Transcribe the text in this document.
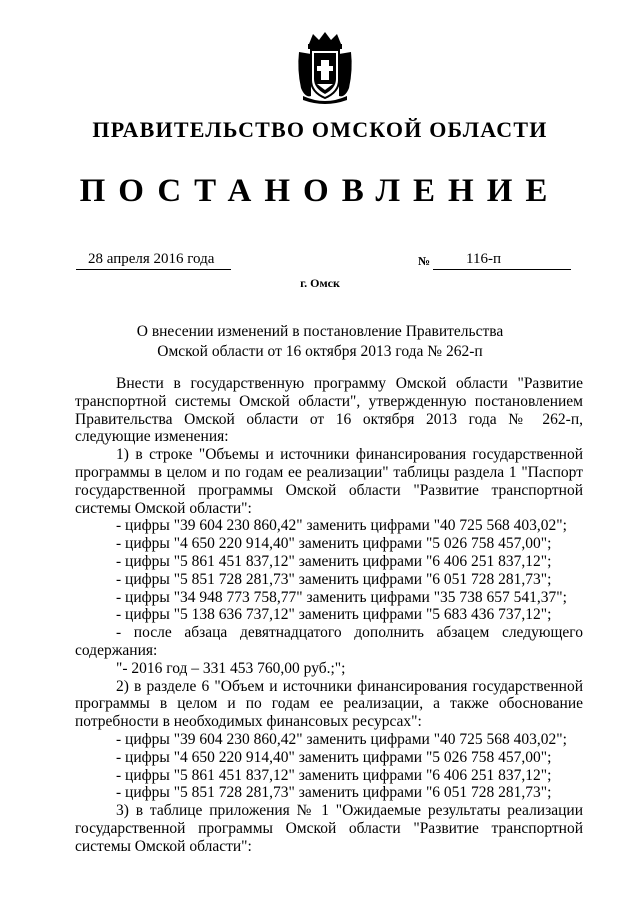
ПРАВИТЕЛЬСТВО ОМСКОЙ ОБЛАСТИ
ПОСТАНОВЛЕНИЕ
28 апреля 2016 года	№ 116-п
г. Омск
О внесении изменений в постановление Правительства
Омской области от 16 октября 2013 года № 262-п

Внести в государственную программу Омской области "Развитие транспортной системы Омской области", утвержденную постановлением Правительства Омской области от 16 октября 2013 года № 262-п, следующие изменения:

1) в строке "Объемы и источники финансирования государственной программы в целом и по годам ее реализации" таблицы раздела 1 "Паспорт государственной программы Омской области "Развитие транспортной системы Омской области":

- цифры "39 604 230 860,42" заменить цифрами "40 725 568 403,02";

- цифры "4 650 220 914,40" заменить цифрами "5 026 758 457,00";

- цифры "5 861 451 837,12" заменить цифрами "6 406 251 837,12";

- цифры "5 851 728 281,73" заменить цифрами "6 051 728 281,73";

- цифры "34 948 773 758,77" заменить цифрами "35 738 657 541,37";

- цифры "5 138 636 737,12" заменить цифрами "5 683 436 737,12";

- после абзаца девятнадцатого дополнить абзацем следующего содержания:

"- 2016 год – 331 453 760,00 руб.;";

2) в разделе 6 "Объем и источники финансирования государственной программы в целом и по годам ее реализации, а также обоснование потребности в необходимых финансовых ресурсах":

- цифры "39 604 230 860,42" заменить цифрами "40 725 568 403,02";

- цифры "4 650 220 914,40" заменить цифрами "5 026 758 457,00";

- цифры "5 861 451 837,12" заменить цифрами "6 406 251 837,12";

- цифры "5 851 728 281,73" заменить цифрами "6 051 728 281,73";

3) в таблице приложения № 1 "Ожидаемые результаты реализации государственной программы Омской области "Развитие транспортной системы Омской области":
